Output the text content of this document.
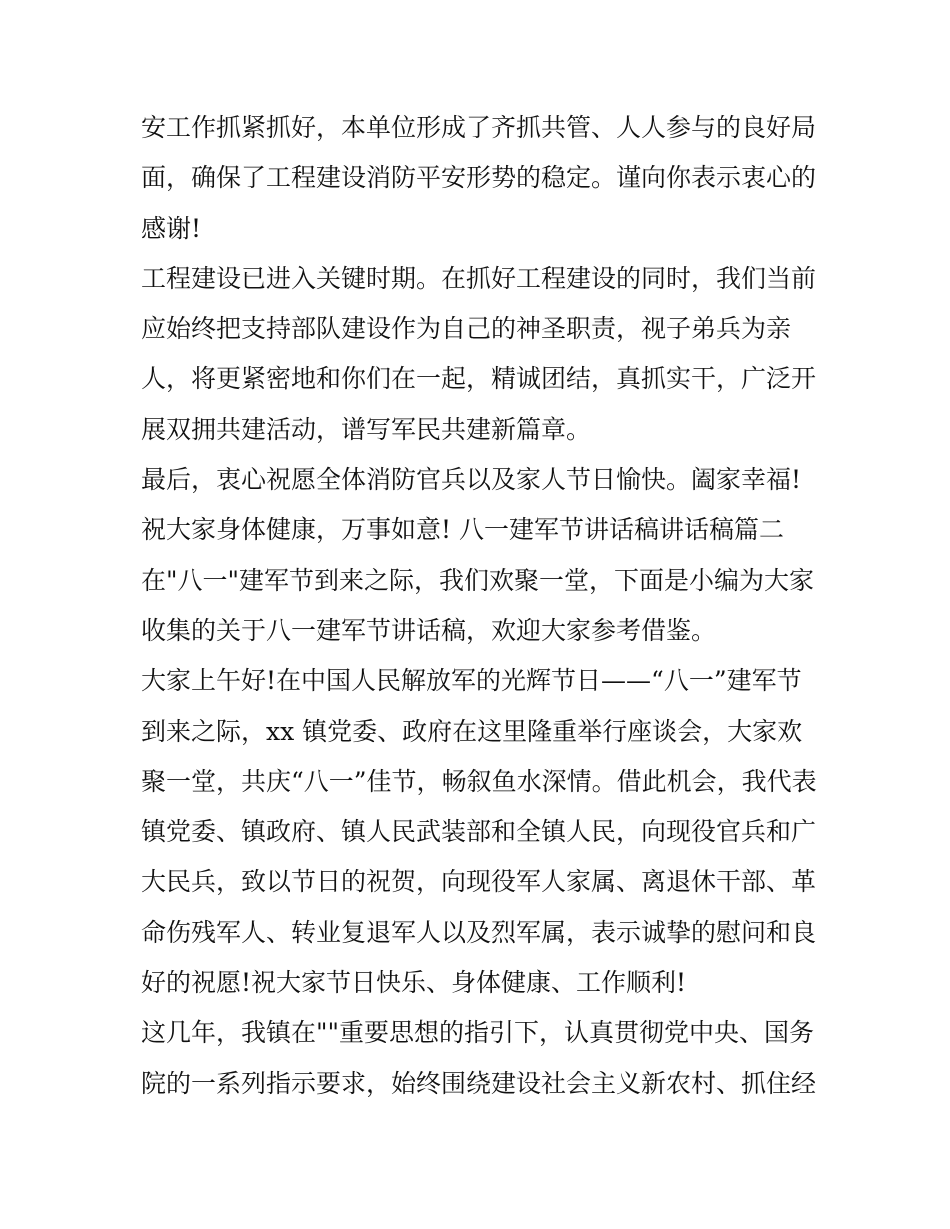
安工作抓紧抓好，本单位形成了齐抓共管、人人参与的良好局
面，确保了工程建设消防平安形势的稳定。谨向你表示衷心的
感谢!
工程建设已进入关键时期。在抓好工程建设的同时，我们当前
应始终把支持部队建设作为自己的神圣职责，视子弟兵为亲
人，将更紧密地和你们在一起，精诚团结，真抓实干，广泛开
展双拥共建活动，谱写军民共建新篇章。
最后，衷心祝愿全体消防官兵以及家人节日愉快。阖家幸福!
祝大家身体健康，万事如意! 八一建军节讲话稿讲话稿篇二
在"八一"建军节到来之际，我们欢聚一堂，下面是小编为大家
收集的关于八一建军节讲话稿，欢迎大家参考借鉴。
大家上午好!在中国人民解放军的光辉节日——“八一”建军节
到来之际，xx 镇党委、政府在这里隆重举行座谈会，大家欢
聚一堂，共庆“八一”佳节，畅叙鱼水深情。借此机会，我代表
镇党委、镇政府、镇人民武装部和全镇人民，向现役官兵和广
大民兵，致以节日的祝贺，向现役军人家属、离退休干部、革
命伤残军人、转业复退军人以及烈军属，表示诚挚的慰问和良
好的祝愿!祝大家节日快乐、身体健康、工作顺利!
这几年，我镇在""重要思想的指引下，认真贯彻党中央、国务
院的一系列指示要求，始终围绕建设社会主义新农村、抓住经
